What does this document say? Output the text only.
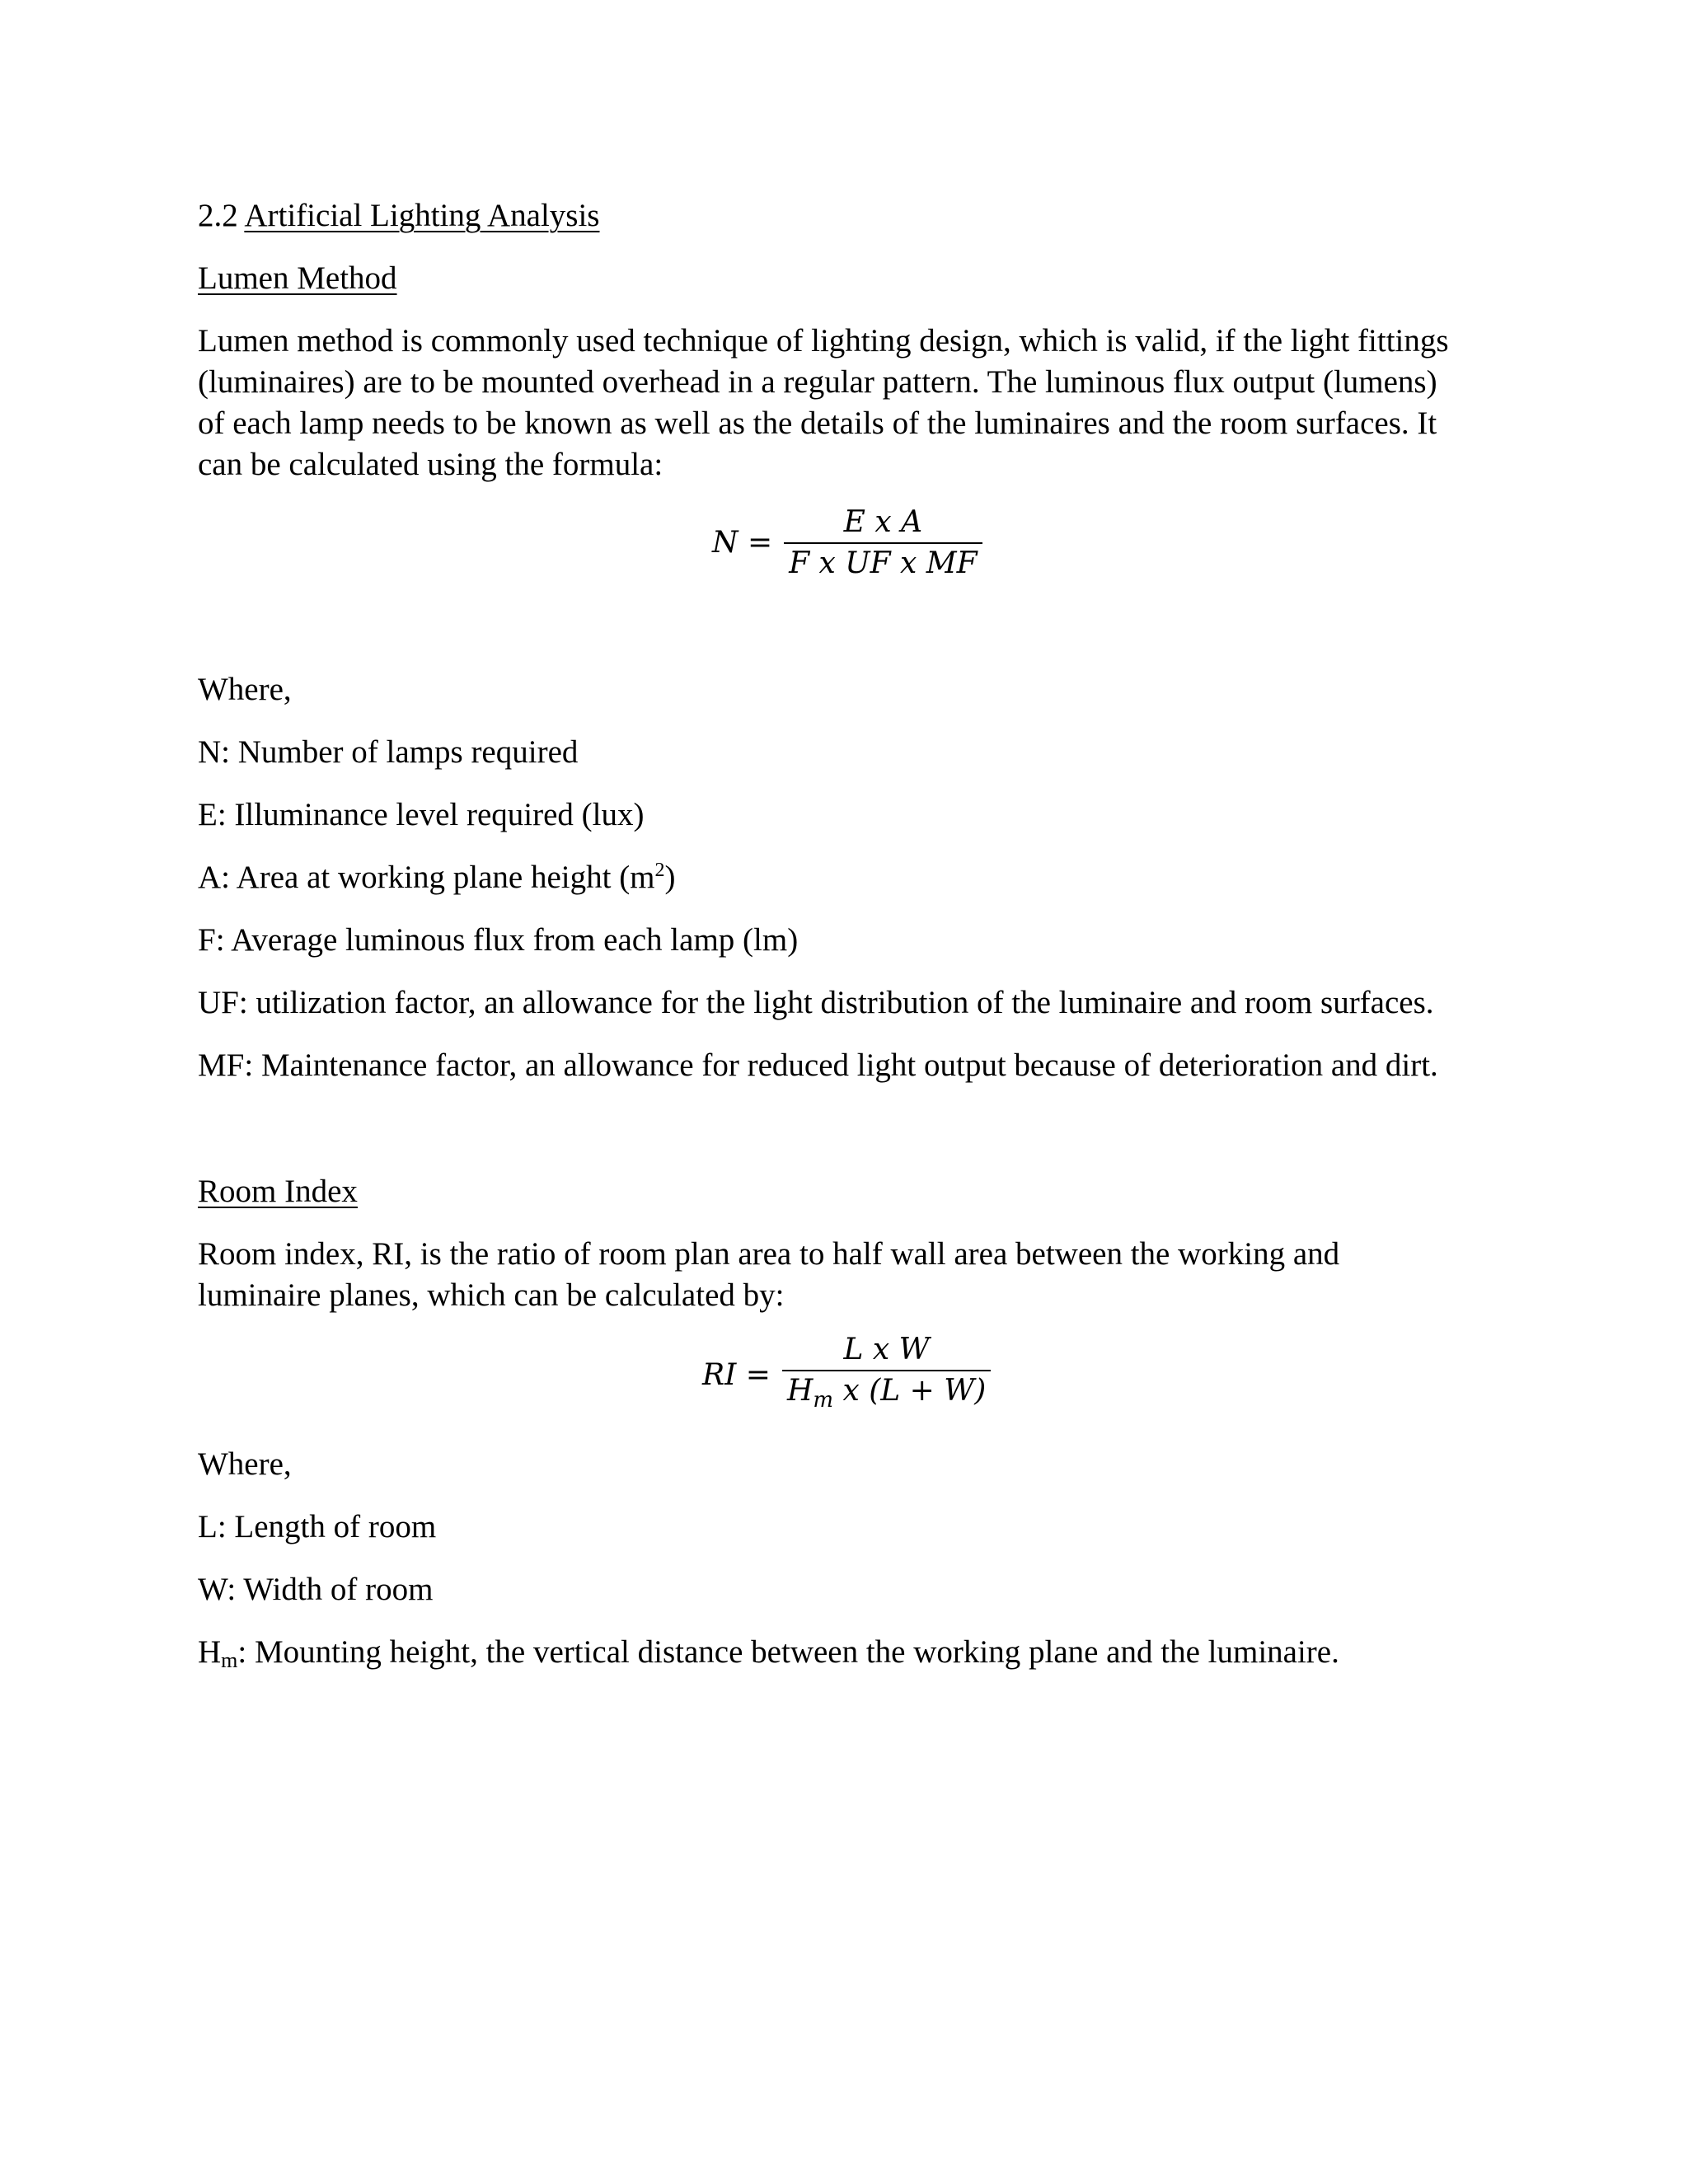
2.2 Artificial Lighting Analysis
Lumen Method
Lumen method is commonly used technique of lighting design, which is valid, if the light fittings
(luminaires) are to be mounted overhead in a regular pattern. The luminous flux output (lumens)
of each lamp needs to be known as well as the details of the luminaires and the room surfaces. It
can be calculated using the formula:
$N = \frac{\text{E x A}}{\text{F x UF x MF}}$
Where,
N: Number of lamps required
E: Illuminance level required (lux)
A: Area at working plane height $(m^2)$
F: Average luminous flux from each lamp (lm)
UF: utilization factor, an allowance for the light distribution of the luminaire and room surfaces.
MF: Maintenance factor, an allowance for reduced light output because of deterioration and dirt.
Room Index
Room index, RI, is the ratio of room plan area to half wall area between the working and
luminaire planes, which can be calculated by:
RI = $\frac{\text{L x W}}{H_m x (L + W)}$
Where,
L: Length of room
W: Width of room
$H_m$: Mounting height, the vertical distance between the working plane and the luminaire.
